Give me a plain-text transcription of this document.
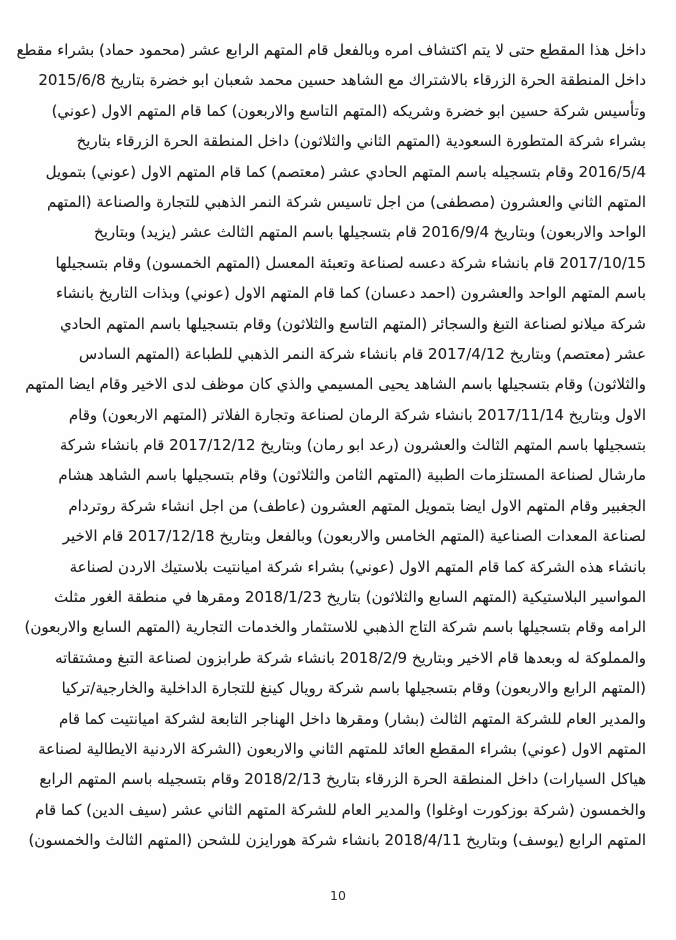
داخل هذا المقطع حتى لا يتم اكتشاف امره وبالفعل قام المتهم الرابع عشر (محمود حماد) بشراء مقطع
داخل المنطقة الحرة الزرقاء بالاشتراك مع الشاهد حسين محمد شعبان ابو خضرة بتاريخ 2015/6/8
وتأسيس شركة حسين ابو خضرة وشريكه (المتهم التاسع والاربعون) كما قام المتهم الاول (عوني)
بشراء شركة المتطورة السعودية (المتهم الثاني والثلاثون) داخل المنطقة الحرة الزرقاء بتاريخ
2016/5/4 وقام بتسجيله باسم المتهم الحادي عشر (معتصم) كما قام المتهم الاول (عوني) بتمويل
المتهم الثاني والعشرون (مصطفى) من اجل تاسيس شركة النمر الذهبي للتجارة والصناعة (المتهم
الواحد والاربعون) وبتاريخ 2016/9/4 قام بتسجيلها باسم المتهم الثالث عشر (يزيد) وبتاريخ
2017/10/15 قام بانشاء شركة دعسه لصناعة وتعبئة المعسل (المتهم الخمسون) وقام بتسجيلها
باسم المتهم الواحد والعشرون (احمد دعسان) كما قام المتهم الاول (عوني) وبذات التاريخ بانشاء
شركة ميلانو لصناعة التبغ والسجائر (المتهم التاسع والثلاثون) وقام بتسجيلها باسم المتهم الحادي
عشر (معتصم) وبتاريخ 2017/4/12 قام بانشاء شركة النمر الذهبي للطباعة (المتهم السادس
والثلاثون) وقام بتسجيلها باسم الشاهد يحيى المسيمي والذي كان موظف لدى الاخير وقام ايضا المتهم
الاول وبتاريخ 2017/11/14 بانشاء شركة الرمان لصناعة وتجارة الفلاتر (المتهم الاربعون) وقام
بتسجيلها باسم المتهم الثالث والعشرون (رعد ابو رمان) وبتاريخ 2017/12/12 قام بانشاء شركة
مارشال لصناعة المستلزمات الطبية (المتهم الثامن والثلاثون) وقام بتسجيلها باسم الشاهد هشام
الجغبير وقام المتهم الاول ايضا بتمويل المتهم العشرون (عاطف) من اجل انشاء شركة روتردام
لصناعة المعدات الصناعية (المتهم الخامس والاربعون) وبالفعل وبتاريخ 2017/12/18 قام الاخير
بانشاء هذه الشركة كما قام المتهم الاول (عوني) بشراء شركة اميانتيت بلاستيك الاردن لصناعة
المواسير البلاستيكية (المتهم السابع والثلاثون) بتاريخ 2018/1/23 ومقرها في منطقة الغور مثلث
الرامه وقام بتسجيلها باسم شركة التاج الذهبي للاستثمار والخدمات التجارية (المتهم السابع والاربعون)
والمملوكة له وبعدها قام الاخير وبتاريخ 2018/2/9 بانشاء شركة طرابزون لصناعة التبغ ومشتقاته
(المتهم الرابع والاربعون) وقام بتسجيلها باسم شركة رويال كينغ للتجارة الداخلية والخارجية/تركيا
والمدير العام للشركة المتهم الثالث (بشار) ومقرها داخل الهناجر التابعة لشركة اميانتيت كما قام
المتهم الاول (عوني) بشراء المقطع العائد للمتهم الثاني والاربعون (الشركة الاردنية الايطالية لصناعة
هياكل السيارات) داخل المنطقة الحرة الزرقاء بتاريخ 2018/2/13 وقام بتسجيله باسم المتهم الرابع
والخمسون (شركة بوزكورت اوغلوا) والمدير العام للشركة المتهم الثاني عشر (سيف الدين) كما قام
المتهم الرابع (يوسف) وبتاريخ 2018/4/11 بانشاء شركة هورايزن للشحن (المتهم الثالث والخمسون)
10
